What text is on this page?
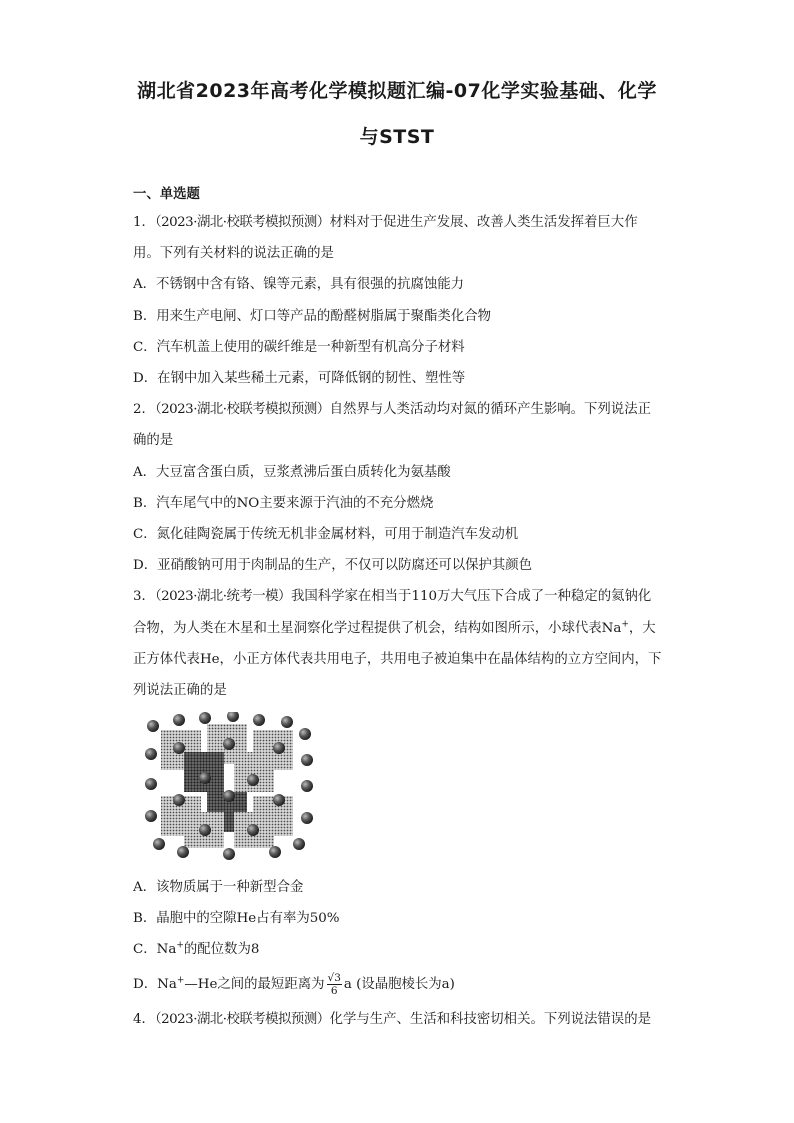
湖北省2023年高考化学模拟题汇编-07化学实验基础、化学
与STST
一、单选题

1．（2023·湖北·校联考模拟预测）材料对于促进生产发展、改善人类生活发挥着巨大作用。下列有关材料的说法正确的是

A．不锈钢中含有铬、镍等元素，具有很强的抗腐蚀能力

B．用来生产电闸、灯口等产品的酚醛树脂属于聚酯类化合物

C．汽车机盖上使用的碳纤维是一种新型有机高分子材料

D．在钢中加入某些稀土元素，可降低钢的韧性、塑性等

2．（2023·湖北·校联考模拟预测）自然界与人类活动均对氮的循环产生影响。下列说法正确的是

A．大豆富含蛋白质，豆浆煮沸后蛋白质转化为氨基酸

B．汽车尾气中的NO主要来源于汽油的不充分燃烧

C．氮化硅陶瓷属于传统无机非金属材料，可用于制造汽车发动机

D．亚硝酸钠可用于肉制品的生产，不仅可以防腐还可以保护其颜色

3．（2023·湖北·统考一模）我国科学家在相当于110万大气压下合成了一种稳定的氦钠化合物，为人类在木星和土星洞察化学过程提供了机会，结构如图所示，小球代表Na+，大正方体代表He，小正方体代表共用电子，共用电子被迫集中在晶体结构的立方空间内，下列说法正确的是

A．该物质属于一种新型合金

B．晶胞中的空隙He占有率为50%

C．Na+的配位数为8

D．Na+—He之间的最短距离为 $\frac{√3}{6}$ a (设晶胞棱长为a)

4．（2023·湖北·校联考模拟预测）化学与生产、生活和科技密切相关。下列说法错误的是
